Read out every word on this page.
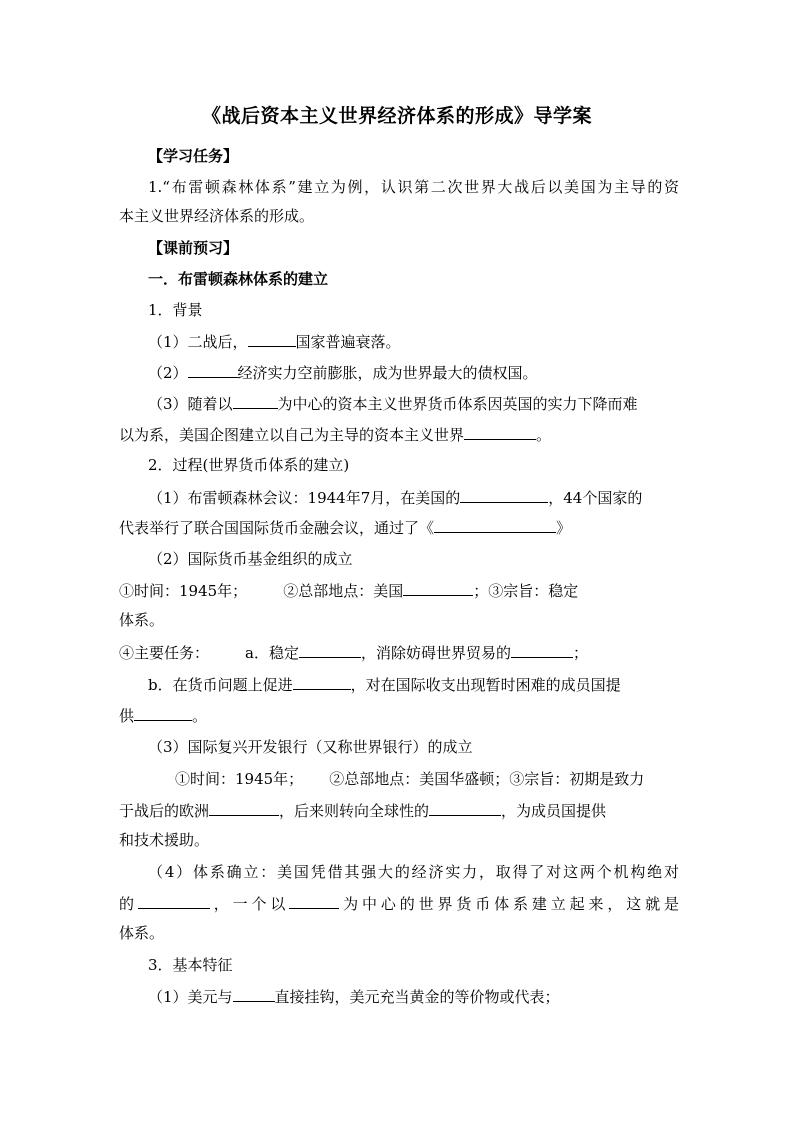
《战后资本主义世界经济体系的形成》导学案
【学习任务】
1.“布雷顿森林体系”建立为例，认识第二次世界大战后以美国为主导的资
本主义世界经济体系的形成。
【课前预习】
一．布雷顿森林体系的建立
1．背景
（1）二战后，	国家普遍衰落。
（2）	经济实力空前膨胀，成为世界最大的债权国。
（3）随着以	为中心的资本主义世界货币体系因英国的实力下降而难
以为系，美国企图建立以自己为主导的资本主义世界	。
2．过程(世界货币体系的建立)
（1）布雷顿森林会议：1944年7月，在美国的	，44个国家的
代表举行了联合国国际货币金融会议，通过了《	》
（2）国际货币基金组织的成立
①时间：1945年； ②总部地点：美国	；③宗旨：稳定
体系。
④主要任务： a．稳定	，消除妨碍世界贸易的	；
b．在货币问题上促进	，对在国际收支出现暂时困难的成员国提
供	。
（3）国际复兴开发银行（又称世界银行）的成立
①时间：1945年； ②总部地点：美国华盛顿；③宗旨：初期是致力
于战后的欧洲	，后来则转向全球性的	，为成员国提供
和技术援助。
（4）体系确立：美国凭借其强大的经济实力，取得了对这两个机构绝对
的	，一个以	为中心的世界货币体系建立起来，这就是
体系。
3．基本特征
（1）美元与	直接挂钩，美元充当黄金的等价物或代表；
